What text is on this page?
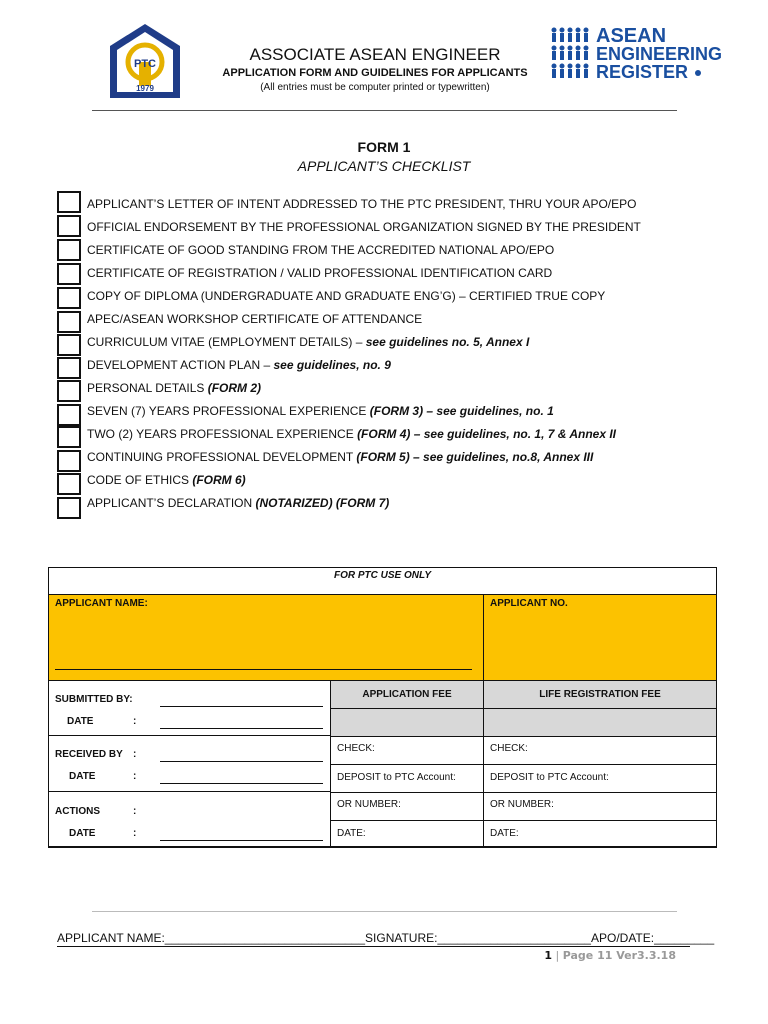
PTC
1979
ASEAN
ENGINEERING
REGISTER
ASSOCIATE ASEAN ENGINEER
APPLICATION FORM AND GUIDELINES FOR APPLICANTS
(All entries must be computer printed or typewritten)
FORM 1
APPLICANT’S CHECKLIST
APPLICANT’S LETTER OF INTENT ADDRESSED TO THE PTC PRESIDENT, THRU YOUR APO/EPO
OFFICIAL ENDORSEMENT BY THE PROFESSIONAL ORGANIZATION SIGNED BY THE PRESIDENT
CERTIFICATE OF GOOD STANDING FROM THE ACCREDITED NATIONAL APO/EPO
CERTIFICATE OF REGISTRATION / VALID PROFESSIONAL IDENTIFICATION CARD
COPY OF DIPLOMA (UNDERGRADUATE AND GRADUATE ENG’G) – CERTIFIED TRUE COPY
APEC/ASEAN WORKSHOP CERTIFICATE OF ATTENDANCE
CURRICULUM VITAE (EMPLOYMENT DETAILS) – see guidelines no. 5, Annex I
DEVELOPMENT ACTION PLAN – see guidelines, no. 9
PERSONAL DETAILS (FORM 2)
SEVEN (7) YEARS PROFESSIONAL EXPERIENCE (FORM 3) – see guidelines, no. 1
TWO (2) YEARS PROFESSIONAL EXPERIENCE (FORM 4) – see guidelines, no. 1, 7 & Annex II
CONTINUING PROFESSIONAL DEVELOPMENT (FORM 5) – see guidelines, no.8, Annex III
CODE OF ETHICS (FORM 6)
APPLICANT’S DECLARATION (NOTARIZED) (FORM 7)
FOR PTC USE ONLY
APPLICANT NAME:	APPLICANT NO.
SUBMITTED BY:
DATE	:
RECEIVED BY :
DATE	:
ACTIONS	:
DATE	:
APPLICATION FEE	LIFE REGISTRATION FEE
CHECK:	CHECK:
DEPOSIT to PTC Account:	DEPOSIT to PTC Account:
OR NUMBER:	OR NUMBER:
DATE:	DATE:
APPLICANT NAME:______________________________SIGNATURE:_______________________APO/DATE:_________
1 | Page 11 Ver3.3.18
